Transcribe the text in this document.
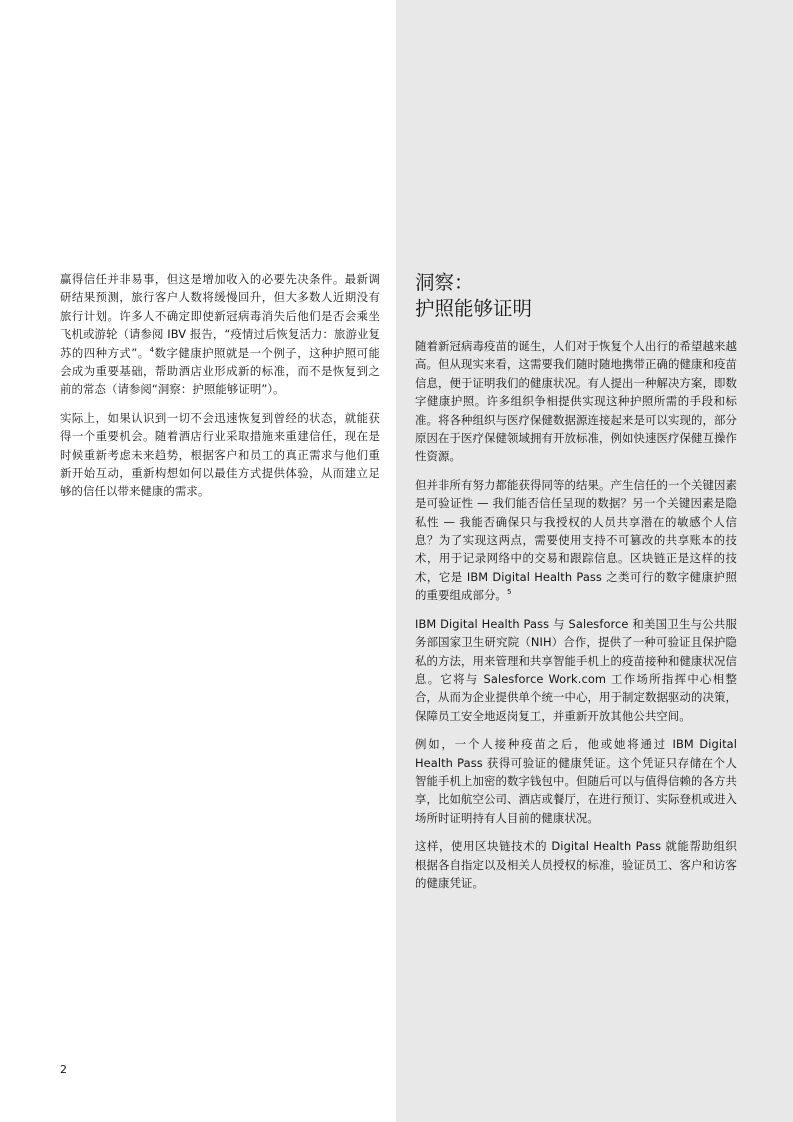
赢得信任并非易事，但这是增加收入的必要先决条件。最新调研结果预测，旅行客户人数将缓慢回升，但大多数人近期没有旅行计划。许多人不确定即使新冠病毒消失后他们是否会乘坐飞机或游轮（请参阅 IBV 报告，“疫情过后恢复活力：旅游业复苏的四种方式”。$^4$数字健康护照就是一个例子，这种护照可能会成为重要基础，帮助酒店业形成新的标准，而不是恢复到之前的常态（请参阅“洞察：护照能够证明”）。

实际上，如果认识到一切不会迅速恢复到曾经的状态，就能获得一个重要机会。随着酒店行业采取措施来重建信任，现在是时候重新考虑未来趋势，根据客户和员工的真正需求与他们重新开始互动，重新构想如何以最佳方式提供体验，从而建立足够的信任以带来健康的需求。

洞察：
护照能够证明

随着新冠病毒疫苗的诞生，人们对于恢复个人出行的希望越来越高。但从现实来看，这需要我们随时随地携带正确的健康和疫苗信息，便于证明我们的健康状况。有人提出一种解决方案，即数字健康护照。许多组织争相提供实现这种护照所需的手段和标准。将各种组织与医疗保健数据源连接起来是可以实现的，部分原因在于医疗保健领域拥有开放标准，例如快速医疗保健互操作性资源。

但并非所有努力都能获得同等的结果。产生信任的一个关键因素是可验证性 — 我们能否信任呈现的数据？另一个关键因素是隐私性 — 我能否确保只与我授权的人员共享潜在的敏感个人信息？为了实现这两点，需要使用支持不可篡改的共享账本的技术，用于记录网络中的交易和跟踪信息。区块链正是这样的技术，它是 IBM Digital Health Pass 之类可行的数字健康护照的重要组成部分。$^5$

IBM Digital Health Pass 与 Salesforce 和美国卫生与公共服务部国家卫生研究院（NIH）合作，提供了一种可验证且保护隐私的方法，用来管理和共享智能手机上的疫苗接种和健康状况信息。它将与 Salesforce Work.com 工作场所指挥中心相整合，从而为企业提供单个统一中心，用于制定数据驱动的决策，保障员工安全地返岗复工，并重新开放其他公共空间。

例如，一个人接种疫苗之后，他或她将通过 IBM Digital Health Pass 获得可验证的健康凭证。这个凭证只存储在个人智能手机上加密的数字钱包中。但随后可以与值得信赖的各方共享，比如航空公司、酒店或餐厅，在进行预订、实际登机或进入场所时证明持有人目前的健康状况。

这样，使用区块链技术的 Digital Health Pass 就能帮助组织根据各自指定以及相关人员授权的标准，验证员工、客户和访客的健康凭证。

2
